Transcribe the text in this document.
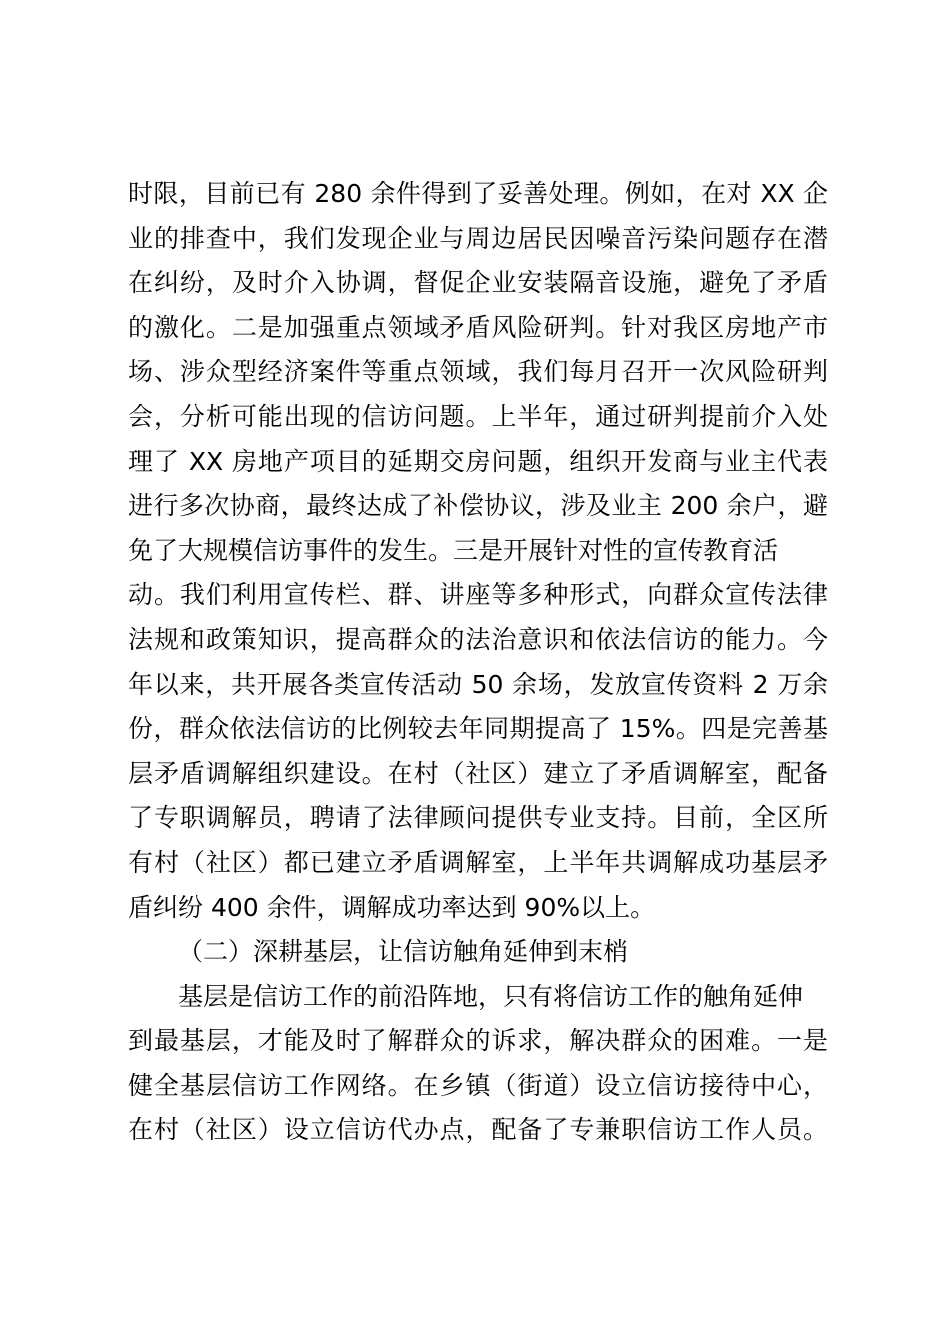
时限，目前已有 280 余件得到了妥善处理。例如，在对 XX 企
业的排查中，我们发现企业与周边居民因噪音污染问题存在潜
在纠纷，及时介入协调，督促企业安装隔音设施，避免了矛盾
的激化。二是加强重点领域矛盾风险研判。针对我区房地产市
场、涉众型经济案件等重点领域，我们每月召开一次风险研判
会，分析可能出现的信访问题。上半年，通过研判提前介入处
理了 XX 房地产项目的延期交房问题，组织开发商与业主代表
进行多次协商，最终达成了补偿协议，涉及业主 200 余户，避
免了大规模信访事件的发生。三是开展针对性的宣传教育活
动。我们利用宣传栏、群、讲座等多种形式，向群众宣传法律
法规和政策知识，提高群众的法治意识和依法信访的能力。今
年以来，共开展各类宣传活动 50 余场，发放宣传资料 2 万余
份，群众依法信访的比例较去年同期提高了 15%。四是完善基
层矛盾调解组织建设。在村（社区）建立了矛盾调解室，配备
了专职调解员，聘请了法律顾问提供专业支持。目前，全区所
有村（社区）都已建立矛盾调解室，上半年共调解成功基层矛
盾纠纷 400 余件，调解成功率达到 90%以上。
（二）深耕基层，让信访触角延伸到末梢
基层是信访工作的前沿阵地，只有将信访工作的触角延伸
到最基层，才能及时了解群众的诉求，解决群众的困难。一是
健全基层信访工作网络。在乡镇（街道）设立信访接待中心，
在村（社区）设立信访代办点，配备了专兼职信访工作人员。
